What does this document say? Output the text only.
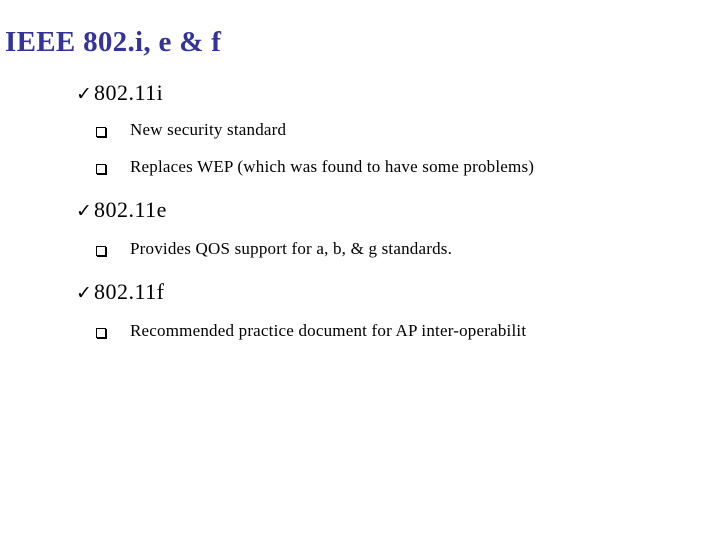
IEEE 802.i, e & f
✓ 802.11i
New security standard
Replaces WEP (which was found to have some problems)
✓ 802.11e
Provides QOS support for a, b, & g standards.
✓ 802.11f
Recommended practice document for AP inter-operabilit
